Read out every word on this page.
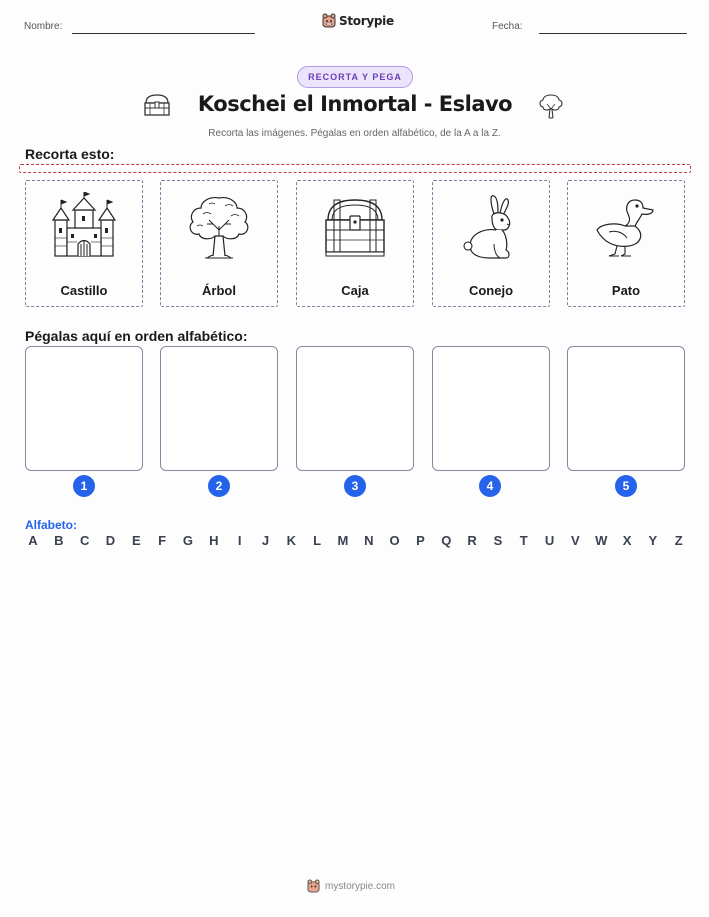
Nombre:	Storypie	Fecha:
RECORTA Y PEGA
Koschei el Inmortal - Eslavo
Recorta las imágenes. Pégalas en orden alfabético, de la A a la Z.
Recorta esto:
Castillo	Árbol	Caja	Conejo	Pato
Pégalas aquí en orden alfabético:
1	2	3	4	5
Alfabeto:
A B C D E	F	G H	I	J	K	L	M N O P Q R S	T	U V W X Y	Z
mystorypie.com
